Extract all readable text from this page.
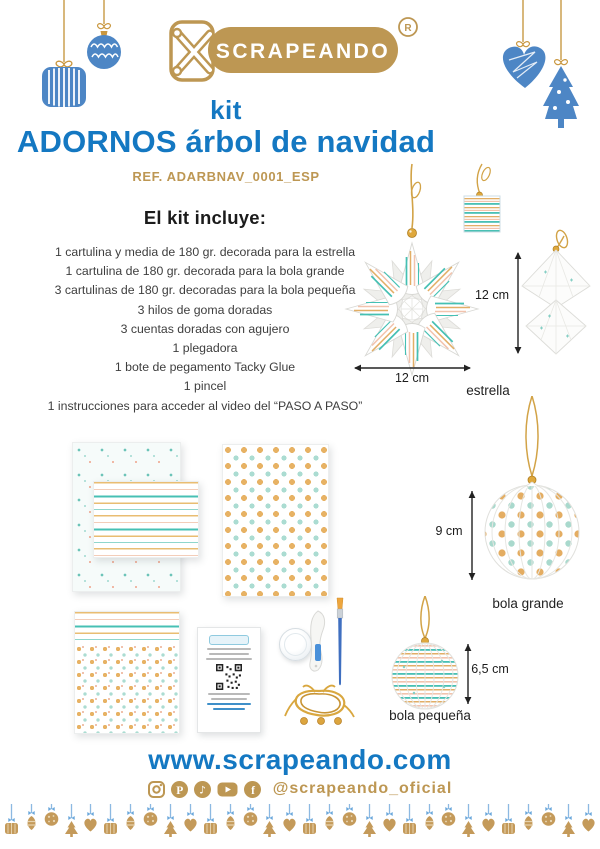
SCRAPEANDO
R
kit
ADORNOS árbol de navidad
REF. ADARBNAV_0001_ESP
El kit incluye:
1 cartulina y media de 180 gr. decorada para la estrella
1 cartulina de 180 gr. decorada para la bola grande
3 cartulinas de 180 gr. decoradas para la bola pequeña
3 hilos de goma doradas
3 cuentas doradas con agujero
1 plegadora
1 bote de pegamento Tacky Glue
1 pincel
1 instrucciones para acceder al video del “PASO A PASO”
12 cm
12 cm
estrella
9 cm
bola grande
6,5 cm
bola pequeña
www.scrapeando.com
P ♪	f @scrapeando_oficial
